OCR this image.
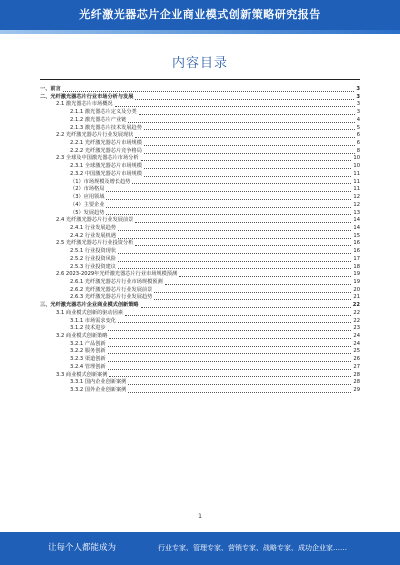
光纤激光器芯片企业商业模式创新策略研究报告
内容目录
一、前言	3
二、光纤激光器芯片行业市场分析与发展	3
2.1 激光器芯片市场概况	3
2.1.1 激光器芯片定义及分类	3
2.1.2 激光器芯片产业链	4
2.1.3 激光器芯片技术发展趋势	5
2.2 光纤激光器芯片行业发展现状	6
2.2.1 光纤激光器芯片市场规模	6
2.2.2 光纤激光器芯片竞争格局	8
2.3 全球及中国激光器芯片市场分析	10
2.3.1 全球激光器芯片市场规模	10
2.3.2 中国激光器芯片市场规模	11
（1）市场规模及增长趋势	11
（2）市场格局	11
（3）应用领域	12
（4）主要企业	12
（5）发展趋势	13
2.4 光纤激光器芯片行业发展前景	14
2.4.1 行业发展趋势	14
2.4.2 行业发展机遇	15
2.5 光纤激光器芯片行业投资分析	16
2.5.1 行业投资现状	16
2.5.2 行业投资风险	17
2.5.3 行业投资建议	18
2.6 2023-2029年光纤激光器芯片行业市场规模预测	19
2.6.1 光纤激光器芯片行业市场规模预测	19
2.6.2 光纤激光器芯片行业发展前景	20
2.6.3 光纤激光器芯片行业发展趋势	21
三、光纤激光器芯片企业商业模式创新策略	22
3.1 商业模式创新的驱动因素	22
3.1.1 市场需求变化	22
3.1.2 技术进步	23
3.2 商业模式创新策略	24
3.2.1 产品创新	24
3.2.2 服务创新	25
3.2.3 渠道创新	26
3.2.4 管理创新	27
3.3 商业模式创新案例	28
3.3.1 国内企业创新案例	28
3.3.2 国外企业创新案例	29
1
让每个人都能成为	行业专家、管理专家、营销专家、战略专家、成功企业家……
